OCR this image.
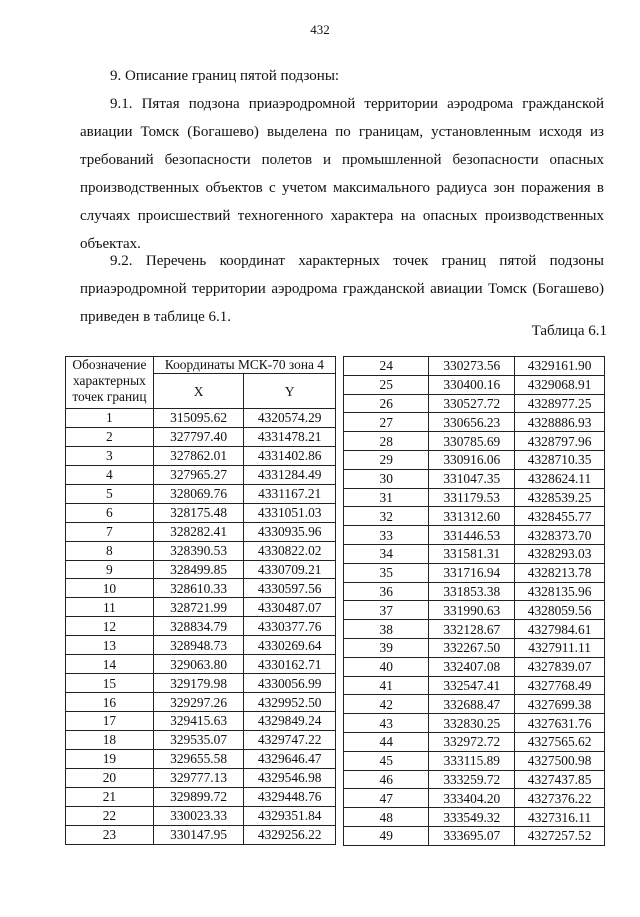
432
9. Описание границ пятой подзоны:
9.1. Пятая подзона приаэродромной территории аэродрома гражданской авиации Томск (Богашево) выделена по границам, установленным исходя из требований безопасности полетов и промышленной безопасности опасных производственных объектов с учетом максимального радиуса зон поражения в случаях происшествий техногенного характера на опасных производственных объектах.
9.2. Перечень координат характерных точек границ пятой подзоны приаэродромной территории аэродрома гражданской авиации Томск (Богашево) приведен в таблице 6.1.
Таблица 6.1
Обозначение характерных точек границ	Координаты МСК-70 зона 4	
	X	Y
1	315095.62	4320574.29
2	327797.40	4331478.21
3	327862.01	4331402.86
4	327965.27	4331284.49
5	328069.76	4331167.21
6	328175.48	4331051.03
7	328282.41	4330935.96
8	328390.53	4330822.02
9	328499.85	4330709.21
10	328610.33	4330597.56
11	328721.99	4330487.07
12	328834.79	4330377.76
13	328948.73	4330269.64
14	329063.80	4330162.71
15	329179.98	4330056.99
16	329297.26	4329952.50
17	329415.63	4329849.24
18	329535.07	4329747.22
19	329655.58	4329646.47
20	329777.13	4329546.98
21	329899.72	4329448.76
22	330023.33	4329351.84
23	330147.95	4329256.22
24	330273.56	4329161.90
25	330400.16	4329068.91
26	330527.72	4328977.25
27	330656.23	4328886.93
28	330785.69	4328797.96
29	330916.06	4328710.35
30	331047.35	4328624.11
31	331179.53	4328539.25
32	331312.60	4328455.77
33	331446.53	4328373.70
34	331581.31	4328293.03
35	331716.94	4328213.78
36	331853.38	4328135.96
37	331990.63	4328059.56
38	332128.67	4327984.61
39	332267.50	4327911.11
40	332407.08	4327839.07
41	332547.41	4327768.49
42	332688.47	4327699.38
43	332830.25	4327631.76
44	332972.72	4327565.62
45	333115.89	4327500.98
46	333259.72	4327437.85
47	333404.20	4327376.22
48	333549.32	4327316.11
49	333695.07	4327257.52
